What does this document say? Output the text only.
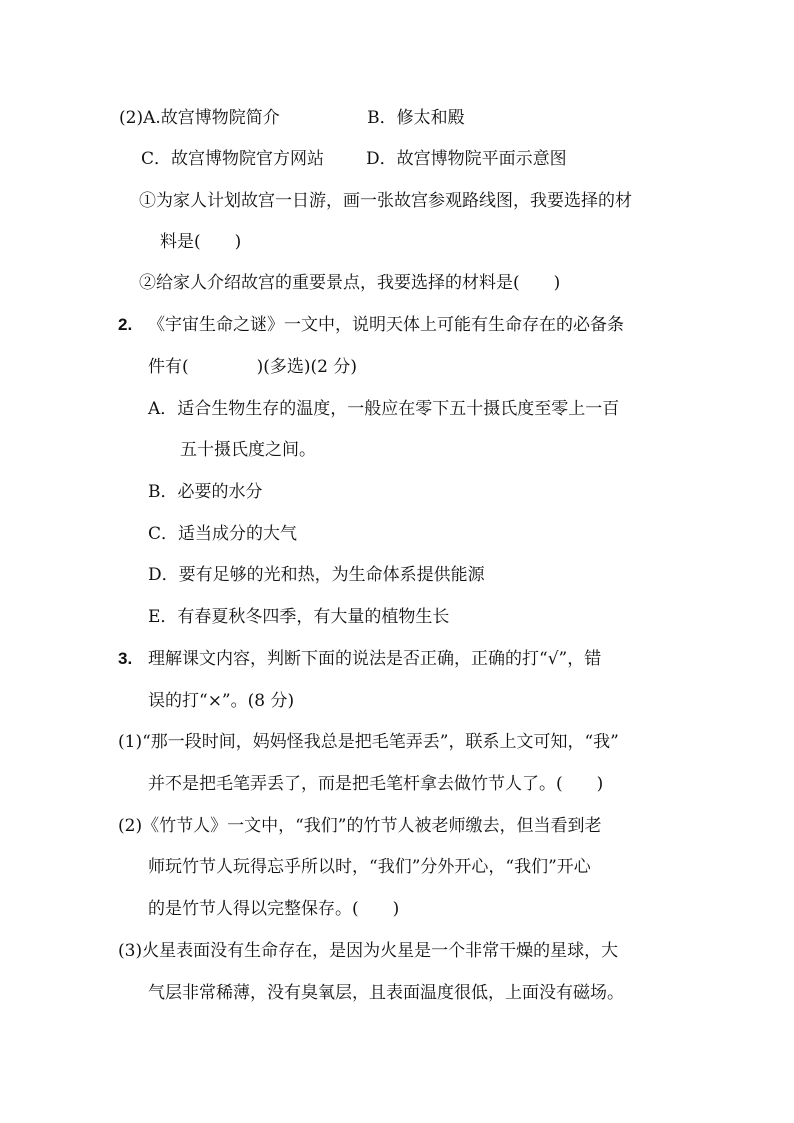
(2)A.故宫博物院简介	B．修太和殿
C．故宫博物院官方网站 D．故宫博物院平面示意图
①为家人计划故宫一日游，画一张故宫参观路线图，我要选择的材
料是(　　)
②给家人介绍故宫的重要景点，我要选择的材料是(　　)
2. 《宇宙生命之谜》一文中，说明天体上可能有生命存在的必备条
件有(　　　　)(多选)(2 分)
A．适合生物生存的温度，一般应在零下五十摄氏度至零上一百
五十摄氏度之间。
B．必要的水分
C．适当成分的大气
D．要有足够的光和热，为生命体系提供能源
E．有春夏秋冬四季，有大量的植物生长
3. 理解课文内容，判断下面的说法是否正确，正确的打“√”，错
误的打“×”。(8 分)
(1)“那一段时间，妈妈怪我总是把毛笔弄丢”，联系上文可知，“我”
并不是把毛笔弄丢了，而是把毛笔杆拿去做竹节人了。(　　)
(2)《竹节人》一文中，“我们”的竹节人被老师缴去，但当看到老
师玩竹节人玩得忘乎所以时，“我们”分外开心，“我们”开心
的是竹节人得以完整保存。(　　)
(3)火星表面没有生命存在，是因为火星是一个非常干燥的星球，大
气层非常稀薄，没有臭氧层，且表面温度很低，上面没有磁场。
